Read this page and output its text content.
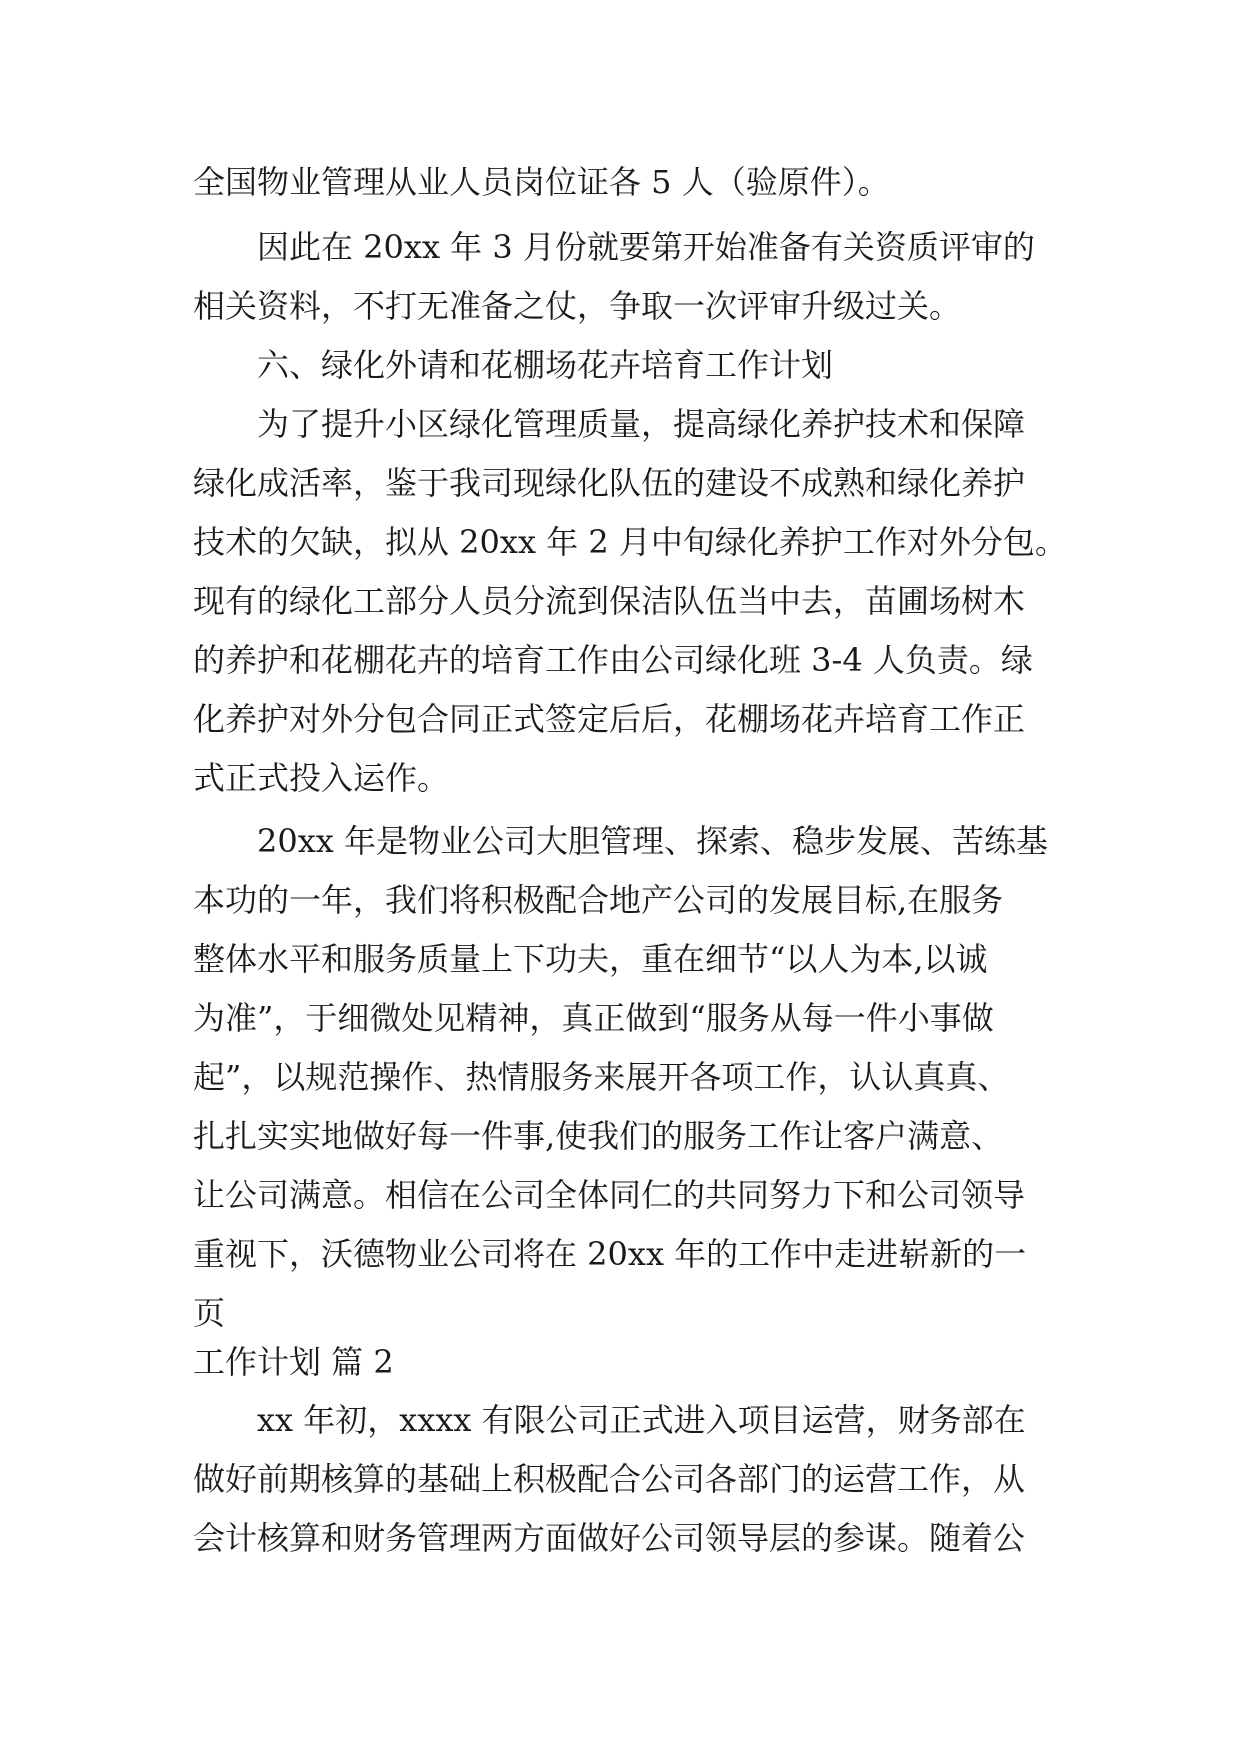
全国物业管理从业人员岗位证各 5 人（验原件）。
因此在 20xx 年 3 月份就要第开始准备有关资质评审的
相关资料，不打无准备之仗，争取一次评审升级过关。
六、绿化外请和花棚场花卉培育工作计划
为了提升小区绿化管理质量，提高绿化养护技术和保障
绿化成活率，鉴于我司现绿化队伍的建设不成熟和绿化养护
技术的欠缺，拟从 20xx 年 2 月中旬绿化养护工作对外分包。
现有的绿化工部分人员分流到保洁队伍当中去，苗圃场树木
的养护和花棚花卉的培育工作由公司绿化班 3-4 人负责。绿
化养护对外分包合同正式签定后后，花棚场花卉培育工作正
式正式投入运作。
20xx 年是物业公司大胆管理、探索、稳步发展、苦练基
本功的一年，我们将积极配合地产公司的发展目标,在服务
整体水平和服务质量上下功夫，重在细节“以人为本,以诚
为准”，于细微处见精神，真正做到“服务从每一件小事做
起”，以规范操作、热情服务来展开各项工作，认认真真、
扎扎实实地做好每一件事,使我们的服务工作让客户满意、
让公司满意。相信在公司全体同仁的共同努力下和公司领导
重视下，沃德物业公司将在 20xx 年的工作中走进崭新的一
页
工作计划 篇 2
xx 年初，xxxx 有限公司正式进入项目运营，财务部在
做好前期核算的基础上积极配合公司各部门的运营工作，从
会计核算和财务管理两方面做好公司领导层的参谋。随着公
